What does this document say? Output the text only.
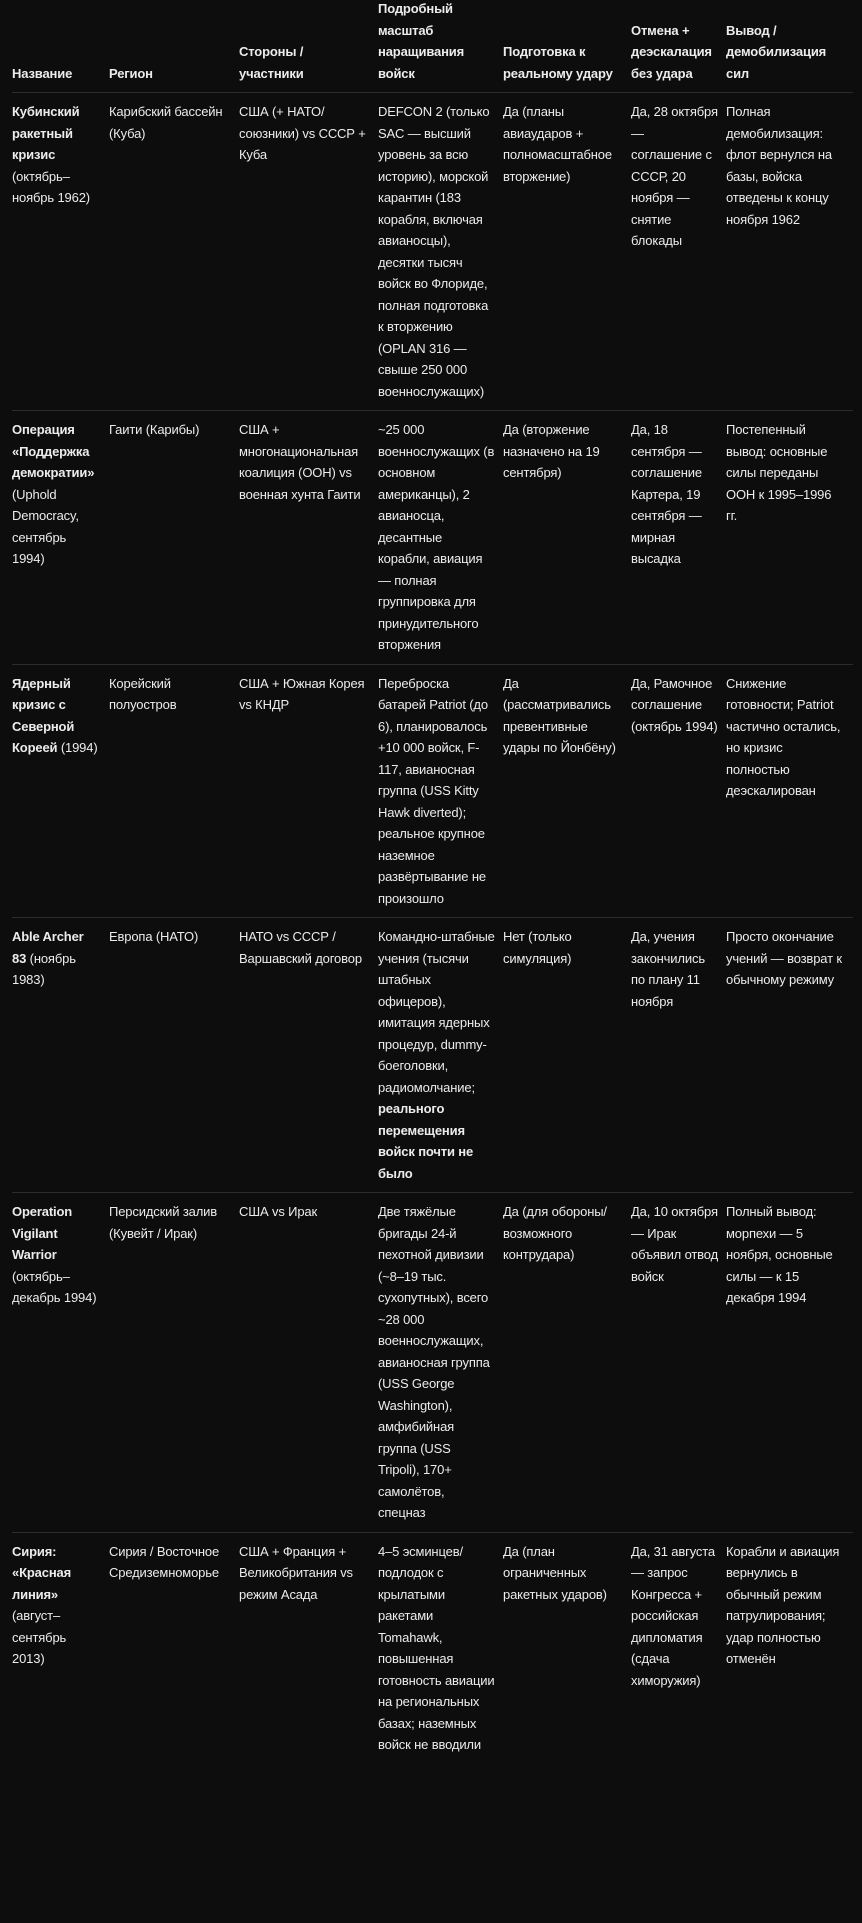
Название	Регион	Стороны / участники	Подробный масштаб наращивания войск	Подготовка к реальному удару	Отмена + деэскалация без удара	Вывод / демобилизация сил
Кубинский ракетный кризис (октябрь–ноябрь 1962)	Карибский бассейн (Куба)	США (+ НАТО/союзники) vs СССР + Куба	DEFCON 2 (только SAC — высший уровень за всю историю), морской карантин (183 корабля, включая авианосцы), десятки тысяч войск во Флориде, полная подготовка к вторжению (OPLAN 316 — свыше 250 000 военнослужащих)	Да (планы авиаударов + полномасштабное вторжение)	Да, 28 октября — соглашение с СССР, 20 ноября — снятие блокады	Полная демобилизация: флот вернулся на базы, войска отведены к концу ноября 1962
Операция «Поддержка демократии» (Uphold Democracy, сентябрь 1994)	Гаити (Карибы)	США + многонациональная коалиция (ООН) vs военная хунта Гаити	~25 000 военнослужащих (в основном американцы), 2 авианосца, десантные корабли, авиация — полная группировка для принудительного вторжения	Да (вторжение назначено на 19 сентября)	Да, 18 сентября — соглашение Картера, 19 сентября — мирная высадка	Постепенный вывод: основные силы переданы ООН к 1995–1996 гг.
Ядерный кризис с Северной Кореей (1994)	Корейский полуостров	США + Южная Корея vs КНДР	Переброска батарей Patriot (до 6), планировалось +10 000 войск, F-117, авианосная группа (USS Kitty Hawk diverted); реальное крупное наземное развёртывание не произошло	Да (рассматривались превентивные удары по Йонбёну)	Да, Рамочное соглашение (октябрь 1994)	Снижение готовности; Patriot частично остались, но кризис полностью деэскалирован
Able Archer 83 (ноябрь 1983)	Европа (НАТО)	НАТО vs СССР / Варшавский договор	Командно-штабные учения (тысячи штабных офицеров), имитация ядерных процедур, dummy-боеголовки, радиомолчание; реального перемещения войск почти не было	Нет (только симуляция)	Да, учения закончились по плану 11 ноября	Просто окончание учений — возврат к обычному режиму
Operation Vigilant Warrior (октябрь–декабрь 1994)	Персидский залив (Кувейт / Ирак)	США vs Ирак	Две тяжёлые бригады 24-й пехотной дивизии (~8–19 тыс. сухопутных), всего ~28 000 военнослужащих, авианосная группа (USS George Washington), амфибийная группа (USS Tripoli), 170+ самолётов, спецназ	Да (для обороны/возможного контрудара)	Да, 10 октября — Ирак объявил отвод войск	Полный вывод: морпехи — 5 ноября, основные силы — к 15 декабря 1994
Сирия: «Красная линия» (август–сентябрь 2013)	Сирия / Восточное Средиземноморье	США + Франция + Великобритания vs режим Асада	4–5 эсминцев/подлодок с крылатыми ракетами Tomahawk, повышенная готовность авиации на региональных базах; наземных войск не вводили	Да (план ограниченных ракетных ударов)	Да, 31 августа — запрос Конгресса + российская дипломатия (сдача химоружия)	Корабли и авиация вернулись в обычный режим патрулирования; удар полностью отменён
